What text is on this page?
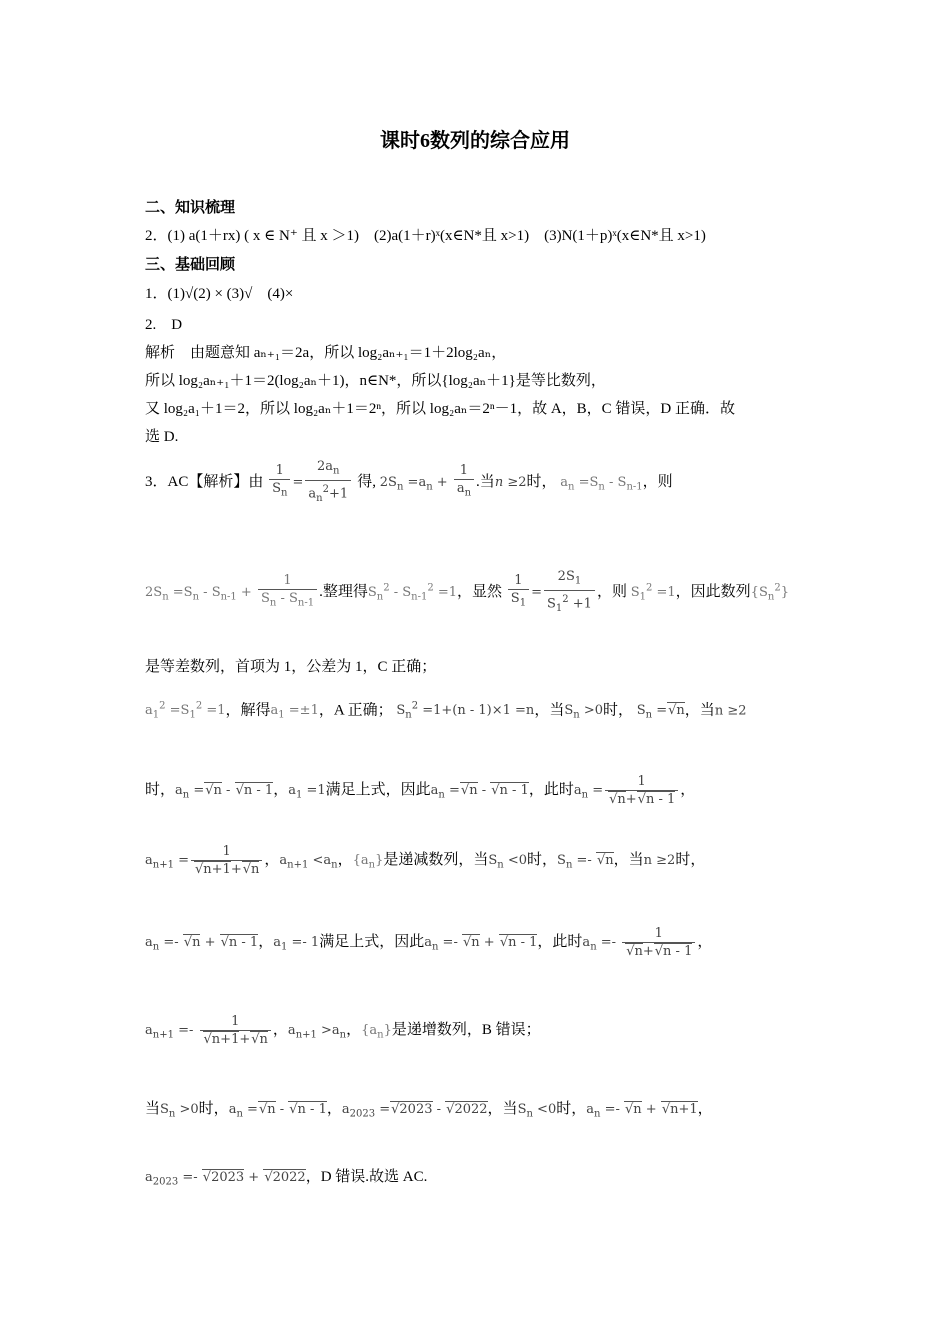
课时6数列的综合应用
二、知识梳理
2．(1) a(1＋rx) ( x ∈ N⁺ 且 x ＞1)　(2)a(1＋r)ˣ(x∈N*且 x>1)　(3)N(1＋p)ˣ(x∈N*且 x>1)
三、基础回顾
1．(1)√(2) × (3)√　(4)×
2.　D
解析　由题意知 aₙ₊₁＝2a，所以 log₂aₙ₊₁＝1＋2log₂aₙ，
所以 log₂aₙ₊₁＋1＝2(log₂aₙ＋1)，n∈N*，所以{log₂aₙ＋1}是等比数列，
又 log₂a₁＋1＝2，所以 log₂aₙ＋1＝2ⁿ，所以 log₂aₙ＝2ⁿ－1，故 A，B，C 错误，D 正确．故
选 D.
3．AC【解析】由 $\frac{1}{S_n} = \frac{2a_n}{a_n^2+1}$ 得, $2S_n =a_n + \frac{1}{a_n}$ .当n ≥2时， $a_n =S_n - S_{n-1}$，则
$2S_n =S_n - S_{n-1} + \frac{1}{S_n - S_{n-1}}$ .整理得$S_n^2 - S_{n-1}^2 =1$，显然 $\frac{1}{S_1} = \frac{2S_1}{S_1^2 +1}$ ，则 $S_1^2 =1$，因此数列$\{S_n^2\}$
是等差数列，首项为 1，公差为 1，C 正确；
$a_1^2 =S_1^2 =1$，解得$a_1 =\pm 1$，A 正确； $S_n^2 =1+(n - 1)\times 1 =n$，当$S_n >0$时， $S_n =√n$，当n ≥2
时，$a_n =√n - √n - 1$，$a_1 =1$满足上式，因此$a_n =√n - √n - 1$，此时$a_n = \frac{1}{√n+√n - 1}$ ，
$a_{n+1} = \frac{1}{√n+1+√n}$ ，$a_{n+1} <a_n$，$\{a_n\}$是递减数列，当$S_n <0$时，$S_n =- √n$，当n ≥2时，
$a_n =- √n + √n - 1$，$a_1 =- 1$满足上式，因此$a_n =- √n + √n - 1$，此时$a_n =- \frac{1}{√n+√n - 1}$ ，
$a_{n+1} =- \frac{1}{√n+1+√n}$ ，$a_{n+1} >a_n$，$\{a_n\}$是递增数列，B 错误；
当$S_n >0$时，$a_n =√n - √n - 1$，$a_{2023} =√2023 - √2022$，当$S_n <0$时，$a_n =- √n + √n+1$，
$a_{2023} =- √2023 + √2022$，D 错误.故选 AC.
